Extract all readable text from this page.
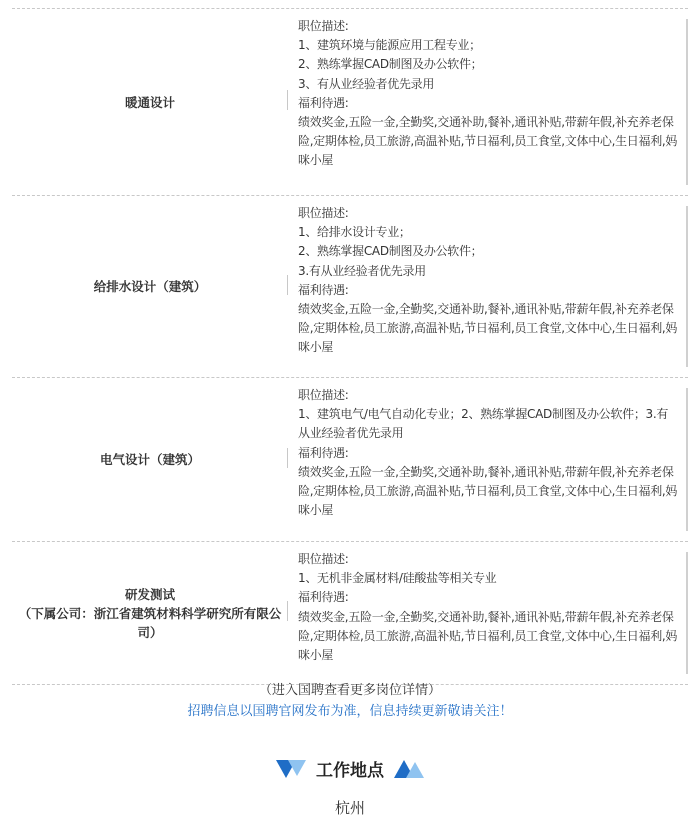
暖通设计
职位描述:
1、建筑环境与能源应用工程专业；
2、熟练掌握CAD制图及办公软件；
3、有从业经验者优先录用
福利待遇:
绩效奖金,五险一金,全勤奖,交通补助,餐补,通讯补贴,带薪年假,补充养老保险,定期体检,员工旅游,高温补贴,节日福利,员工食堂,文体中心,生日福利,妈咪小屋
给排水设计（建筑）
职位描述:
1、给排水设计专业；
2、熟练掌握CAD制图及办公软件；
3.有从业经验者优先录用
福利待遇:
绩效奖金,五险一金,全勤奖,交通补助,餐补,通讯补贴,带薪年假,补充养老保险,定期体检,员工旅游,高温补贴,节日福利,员工食堂,文体中心,生日福利,妈咪小屋
电气设计（建筑）
职位描述:
1、建筑电气/电气自动化专业；2、熟练掌握CAD制图及办公软件；3.有从业经验者优先录用
福利待遇:
绩效奖金,五险一金,全勤奖,交通补助,餐补,通讯补贴,带薪年假,补充养老保险,定期体检,员工旅游,高温补贴,节日福利,员工食堂,文体中心,生日福利,妈咪小屋
研发测试
（下属公司：浙江省建筑材料科学研究所有限公司）
职位描述:
1、无机非金属材料/硅酸盐等相关专业
福利待遇:
绩效奖金,五险一金,全勤奖,交通补助,餐补,通讯补贴,带薪年假,补充养老保险,定期体检,员工旅游,高温补贴,节日福利,员工食堂,文体中心,生日福利,妈咪小屋
（进入国聘查看更多岗位详情）
招聘信息以国聘官网发布为准，信息持续更新敬请关注！
工作地点
杭州
